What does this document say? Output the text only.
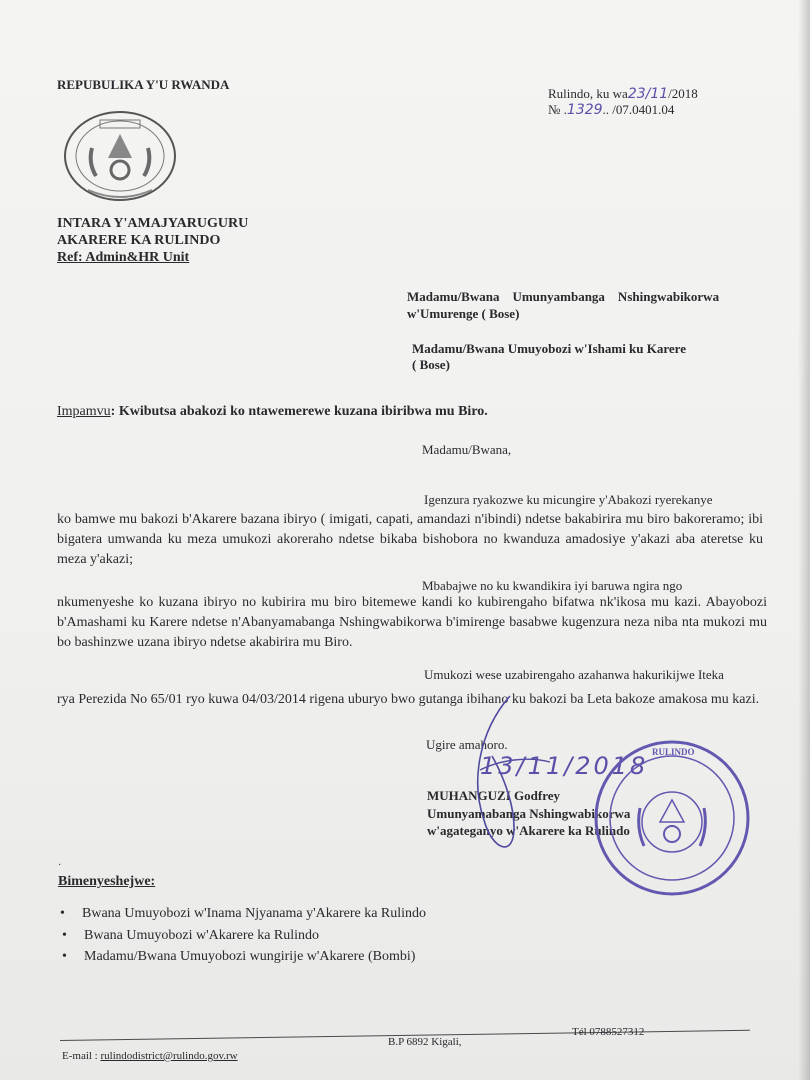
REPUBULIKA Y'U RWANDA
INTARA Y'AMAJYARUGURU
AKARERE KA RULINDO
Ref: Admin&HR Unit
Rulindo, ku wa23/11/2018
№ .1329.. /07.0401.04
Madamu/Bwana    Umunyambanga    Nshingwabikorwa
w'Umurenge ( Bose)
Madamu/Bwana Umuyobozi w'Ishami ku Karere
( Bose)
Impamvu: Kwibutsa abakozi ko ntawemerewe kuzana ibiribwa mu Biro.
Madamu/Bwana,
Igenzura ryakozwe ku micungire y'Abakozi ryerekanye
ko bamwe mu bakozi b'Akarere bazana ibiryo ( imigati, capati, amandazi n'ibindi) ndetse bakabirira mu biro bakoreramo; ibi bigatera umwanda ku meza umukozi akoreraho ndetse bikaba bishobora no kwanduza amadosiye y'akazi aba ateretse ku meza y'akazi;
Mbabajwe no ku kwandikira iyi baruwa ngira ngo
nkumenyeshe ko kuzana ibiryo no kubirira mu biro bitemewe kandi ko kubirengaho bifatwa nk'ikosa mu kazi. Abayobozi b'Amashami ku Karere ndetse n'Abanyamabanga Nshingwabikorwa b'imirenge basabwe kugenzura neza niba nta mukozi mu bo bashinzwe uzana ibiryo ndetse akabirira mu Biro.
Umukozi wese uzabirengaho azahanwa hakurikijwe Iteka
rya Perezida No 65/01 ryo kuwa 04/03/2014 rigena uburyo bwo gutanga ibihano ku bakozi ba Leta bakoze amakosa mu kazi.
Ugire amahoro.
MUHANGUZI Godfrey
Umunyamabanga Nshingwabikorwa
w'agateganyo w'Akarere ka Rulindo
13/11/2018 RULINDO
·
Bimenyeshejwe:
• Bwana Umuyobozi w'Inama Njyanama y'Akarere ka Rulindo
• Bwana Umuyobozi w'Akarere ka Rulindo
• Madamu/Bwana Umuyobozi wungirije w'Akarere (Bombi)
E-mail : rulindodistrict@rulindo.gov.rw
B.P 6892 Kigali,
Tél 0788527312
